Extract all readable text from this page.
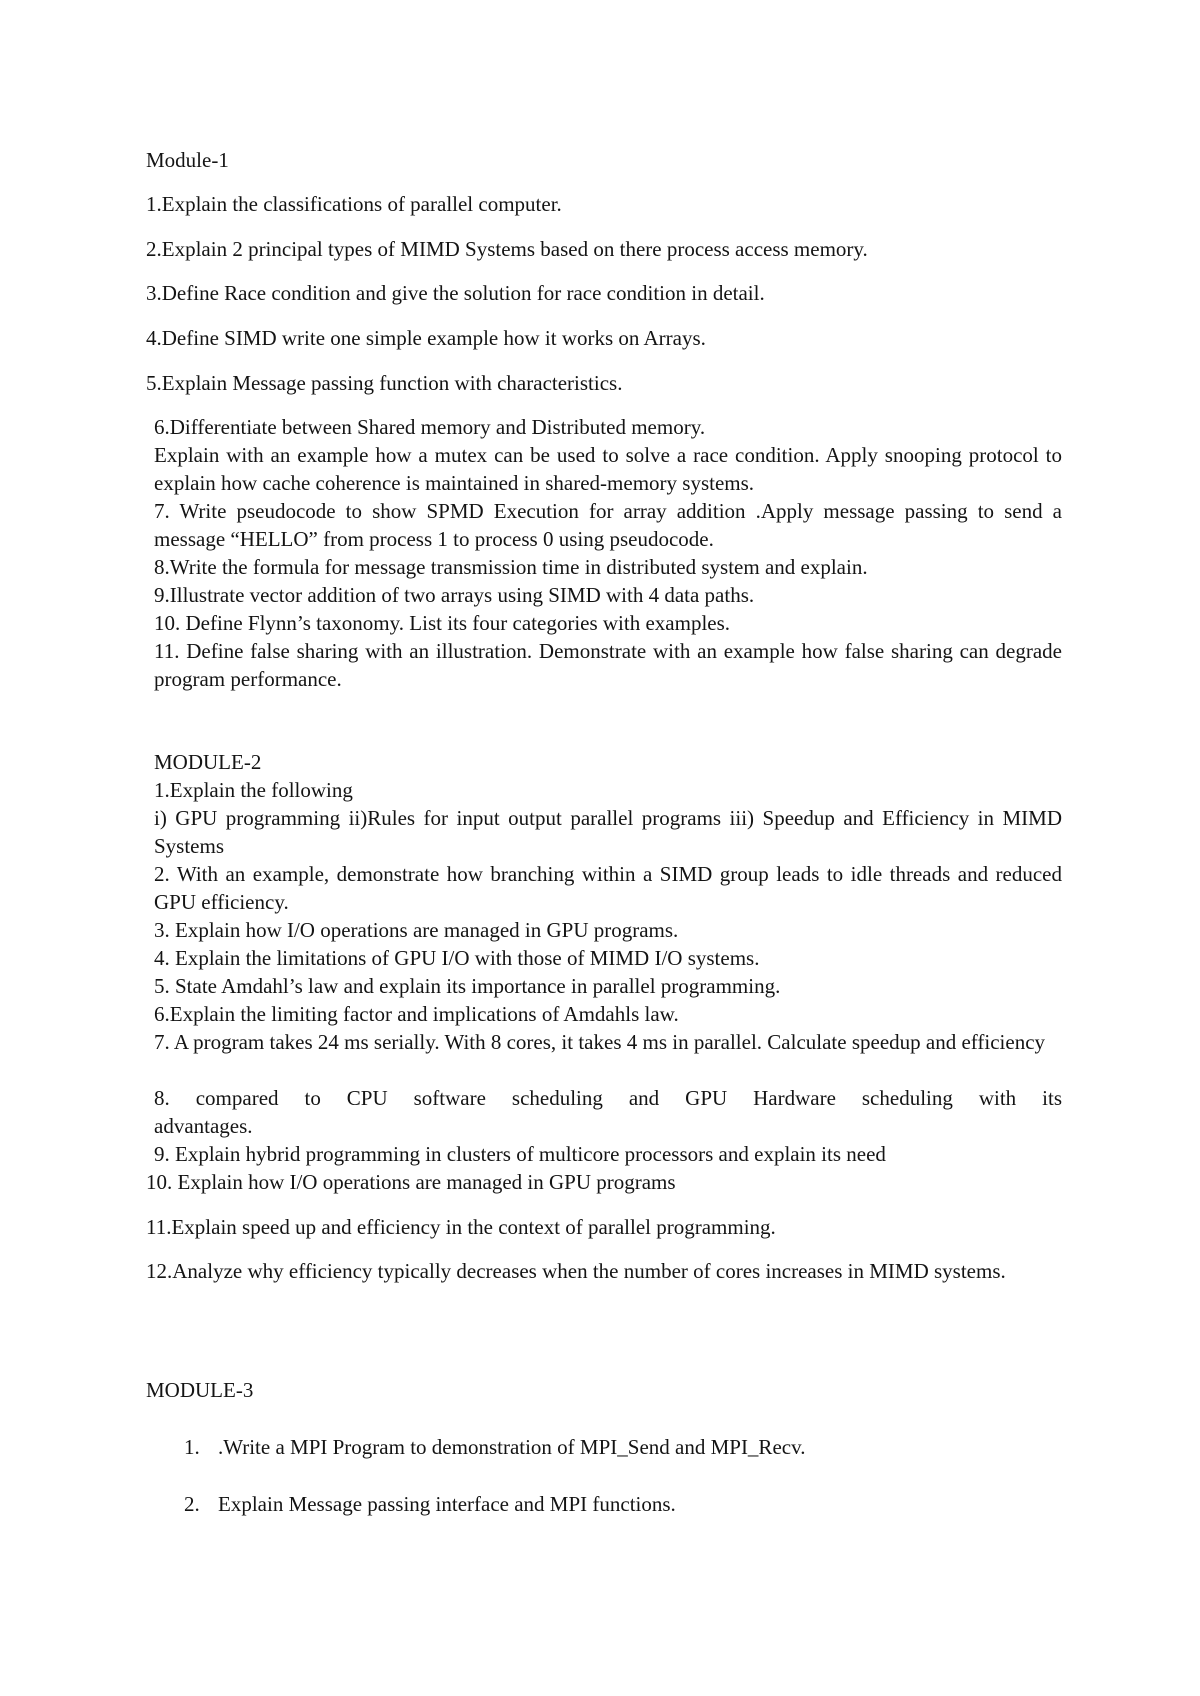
Module-1
1.Explain the classifications of parallel computer.
2.Explain 2 principal types of MIMD Systems based on there process access memory.
3.Define Race condition and give the solution for race condition in detail.
4.Define SIMD write one simple example how it works on Arrays.
5.Explain Message passing function with characteristics.
6.Differentiate between Shared memory and Distributed memory.
Explain with an example how a mutex can be used to solve a race condition. Apply snooping protocol to explain how cache coherence is maintained in shared-memory systems.
7. Write pseudocode to show SPMD Execution for array addition .Apply message passing to send a message “HELLO” from process 1 to process 0 using pseudocode.
8.Write the formula for message transmission time in distributed system and explain.
9.Illustrate vector addition of two arrays using SIMD with 4 data paths.
10. Define Flynn’s taxonomy. List its four categories with examples.
11. Define false sharing with an illustration. Demonstrate with an example how false sharing can degrade program performance.
MODULE-2
1.Explain the following
i) GPU programming ii)Rules for input output parallel programs iii) Speedup and Efficiency in MIMD Systems
2. With an example, demonstrate how branching within a SIMD group leads to idle threads and reduced GPU efficiency.
3. Explain how I/O operations are managed in GPU programs.
4. Explain the limitations of GPU I/O with those of MIMD I/O systems.
5. State Amdahl’s law and explain its importance in parallel programming.
6.Explain the limiting factor and implications of Amdahls law.
7. A program takes 24 ms serially. With 8 cores, it takes 4 ms in parallel. Calculate speedup and efficiency
8. compared to CPU software scheduling and GPU Hardware scheduling with its advantages.
9. Explain hybrid programming in clusters of multicore processors and explain its need
10. Explain how I/O operations are managed in GPU programs
11.Explain speed up and efficiency in the context of parallel programming.
12.Analyze why efficiency typically decreases when the number of cores increases in MIMD systems.
MODULE-3
1. .Write a MPI Program to demonstration of MPI_Send and MPI_Recv.
2. Explain Message passing interface and MPI functions.
